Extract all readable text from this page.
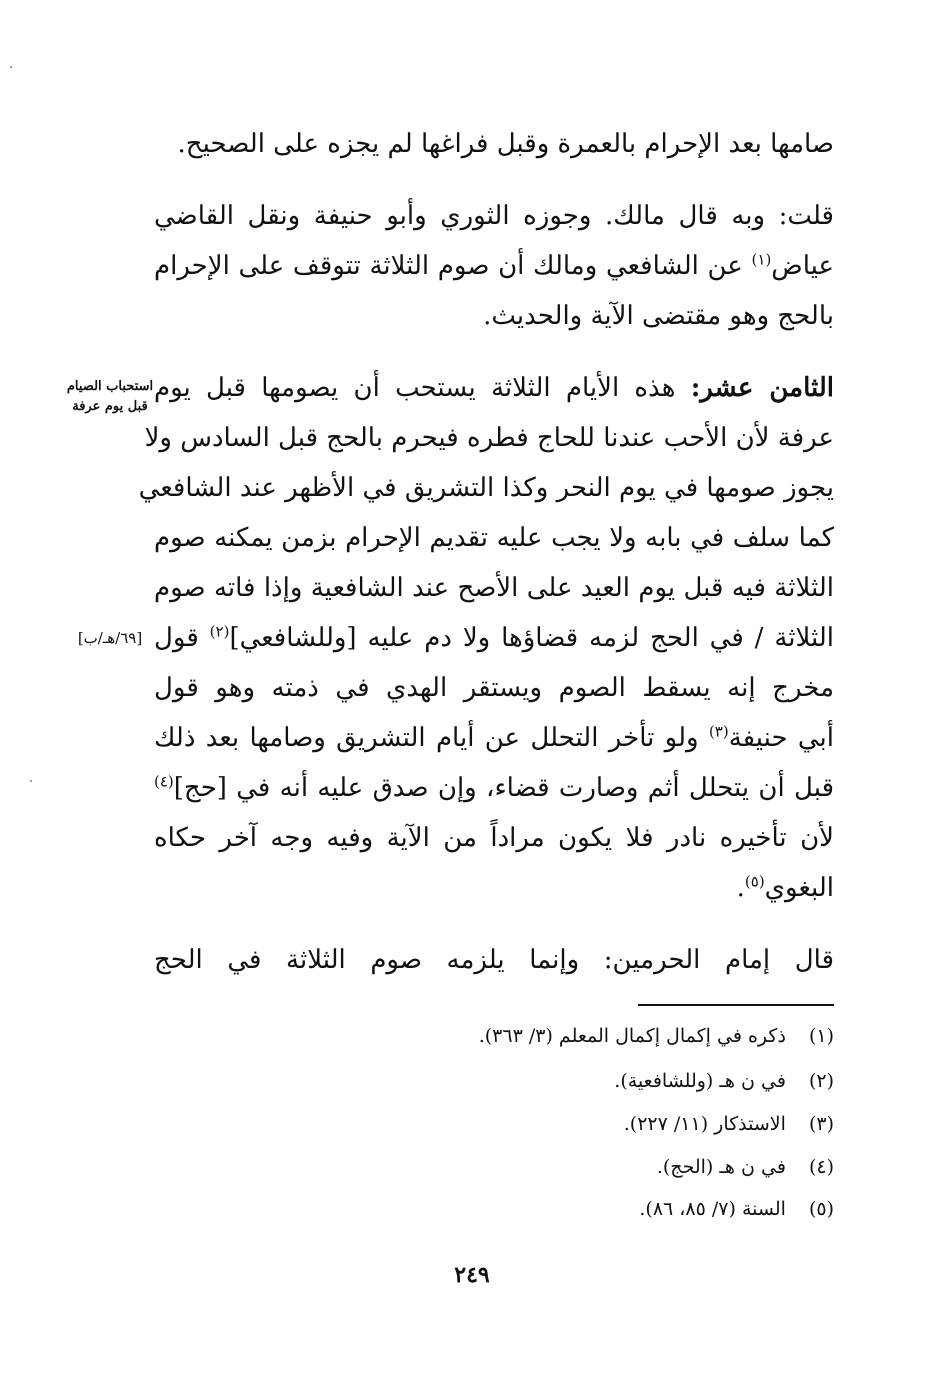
صامها بعد الإحرام بالعمرة وقبل فراغها لم يجزه على الصحيح.
قلت: وبه قال مالك. وجوزه الثوري وأبو حنيفة ونقل القاضي
عياض$^{(١)}$ عن الشافعي ومالك أن صوم الثلاثة تتوقف على الإحرام
بالحج وهو مقتضى الآية والحديث.
استحباب الصيام
قبل يوم عرفة
الثامن عشر: هذه الأيام الثلاثة يستحب أن يصومها قبل يوم
عرفة لأن الأحب عندنا للحاج فطره فيحرم بالحج قبل السادس ولا
يجوز صومها في يوم النحر وكذا التشريق في الأظهر عند الشافعي
كما سلف في بابه ولا يجب عليه تقديم الإحرام بزمن يمكنه صوم
الثلاثة فيه قبل يوم العيد على الأصح عند الشافعية وإذا فاته صوم
الثلاثة / في الحج لزمه قضاؤها ولا دم عليه [وللشافعي]$^{(٢)}$ قول
[٦٩/هـ/ب]
مخرج إنه يسقط الصوم ويستقر الهدي في ذمته وهو قول
أبي حنيفة$^{(٣)}$ ولو تأخر التحلل عن أيام التشريق وصامها بعد ذلك
قبل أن يتحلل أثم وصارت قضاء، وإن صدق عليه أنه في [حج]$^{(٤)}$
لأن تأخيره نادر فلا يكون مراداً من الآية وفيه وجه آخر حكاه
البغوي$^{(٥)}$.
قال إمام الحرمين: وإنما يلزمه صوم الثلاثة في الحج
(١)  ذكره في إكمال إكمال المعلم (٣/ ٣٦٣).
(٢)  في ن هـ (وللشافعية).
(٣)  الاستذكار (١١/ ٢٢٧).
(٤)  في ن هـ (الحج).
(٥)  السنة (٧/ ٨٥، ٨٦).
٢٤٩
